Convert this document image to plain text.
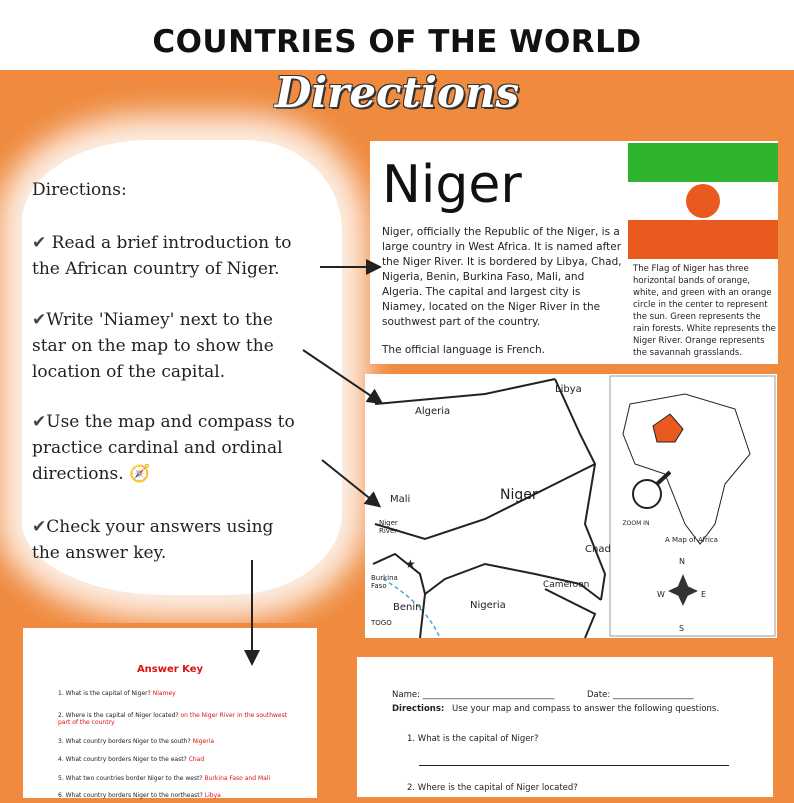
COUNTRIES OF THE WORLD
Directions
Directions:
✔ Read a brief introduction to
the African country of Niger.
✔Write 'Niamey' next to the
star on the map to show the
location of the capital.
✔Use the map and compass to
practice cardinal and ordinal
directions. 🧭
✔Check your answers using
the answer key.
Niger
Niger, officially the Republic of the Niger, is a large country in West Africa. It is named after the Niger River. It is bordered by Libya, Chad, Nigeria, Benin, Burkina Faso, Mali, and Algeria. The capital and largest city is Niamey, located on the Niger River in the southwest part of the country.
The official language is French.
The Flag of Niger has three horizontal bands of orange, white, and green with an orange circle in the center to represent the sun. Green represents the rain forests. White represents the Niger River. Orange represents the savannah grasslands.
Libya
Algeria
Mali	Niger
Niger River
Chad
Burkina Faso
Benin	Nigeria
Cameroon
TOGO
★
ZOOM IN
A Map of Africa
N
S
E
W
Answer Key
1. What is the capital of Niger? Niamey
2. Where is the capital of Niger located? on the Niger River in the southwest part of the country
3. What country borders Niger to the south? Nigeria
4. What country borders Niger to the east? Chad
5. What two countries border Niger to the west? Burkina Faso and Mali
6. What country borders Niger to the northeast? Libya
Name: _______________________________	Date: ___________________
Directions: Use your map and compass to answer the following questions.
1. What is the capital of Niger?
2. Where is the capital of Niger located?
